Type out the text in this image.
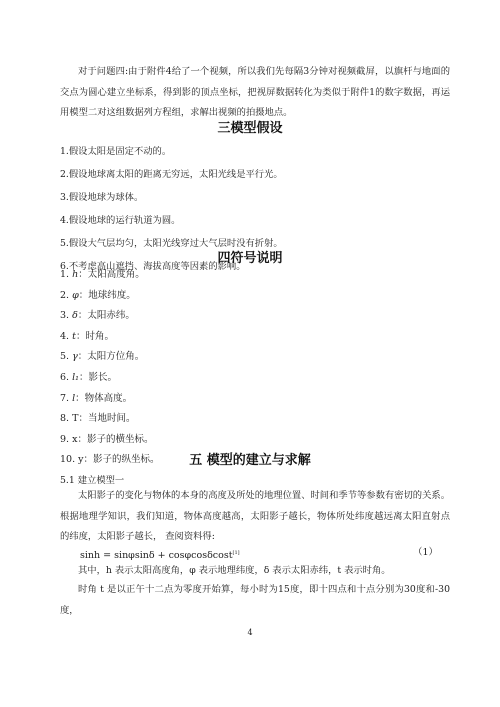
对于问题四:由于附件4给了一个视频，所以我们先每隔3分钟对视频截屏，以旗杆与地面的交点为圆心建立坐标系，得到影的顶点坐标，把视屏数据转化为类似于附件1的数字数据，再运用模型二对这组数据列方程组，求解出视频的拍摄地点。

三模型假设
1.假设太阳是固定不动的。
2.假设地球离太阳的距离无穷远，太阳光线是平行光。
3.假设地球为球体。
4.假设地球的运行轨道为圆。
5.假设大气层均匀，太阳光线穿过大气层时没有折射。
6.不考虑高山遮挡、海拔高度等因素的影响。
四符号说明
1. h：太阳高度角。
2. φ：地球纬度。
3. δ：太阳赤纬。
4. t：时角。
5. γ：太阳方位角。
6. l₁：影长。
7. l：物体高度。
8. T：当地时间。
9. x：影子的横坐标。
10. y：影子的纵坐标。	五 模型的建立与求解

5.1 建立模型一

太阳影子的变化与物体的本身的高度及所处的地理位置、时间和季节等参数有密切的关系。 根据地理学知识，我们知道，物体高度越高，太阳影子越长，物体所处纬度越远离太阳直射点的纬度，太阳影子越长， 查阅资料得:

sinh = sinφsinδ + cosφcosδcost[1]	（1）

其中，h 表示太阳高度角，φ 表示地理纬度，δ 表示太阳赤纬，t 表示时角。

时角 t 是以正午十二点为零度开始算，每小时为15度，即十四点和十点分别为30度和-30度，

4
